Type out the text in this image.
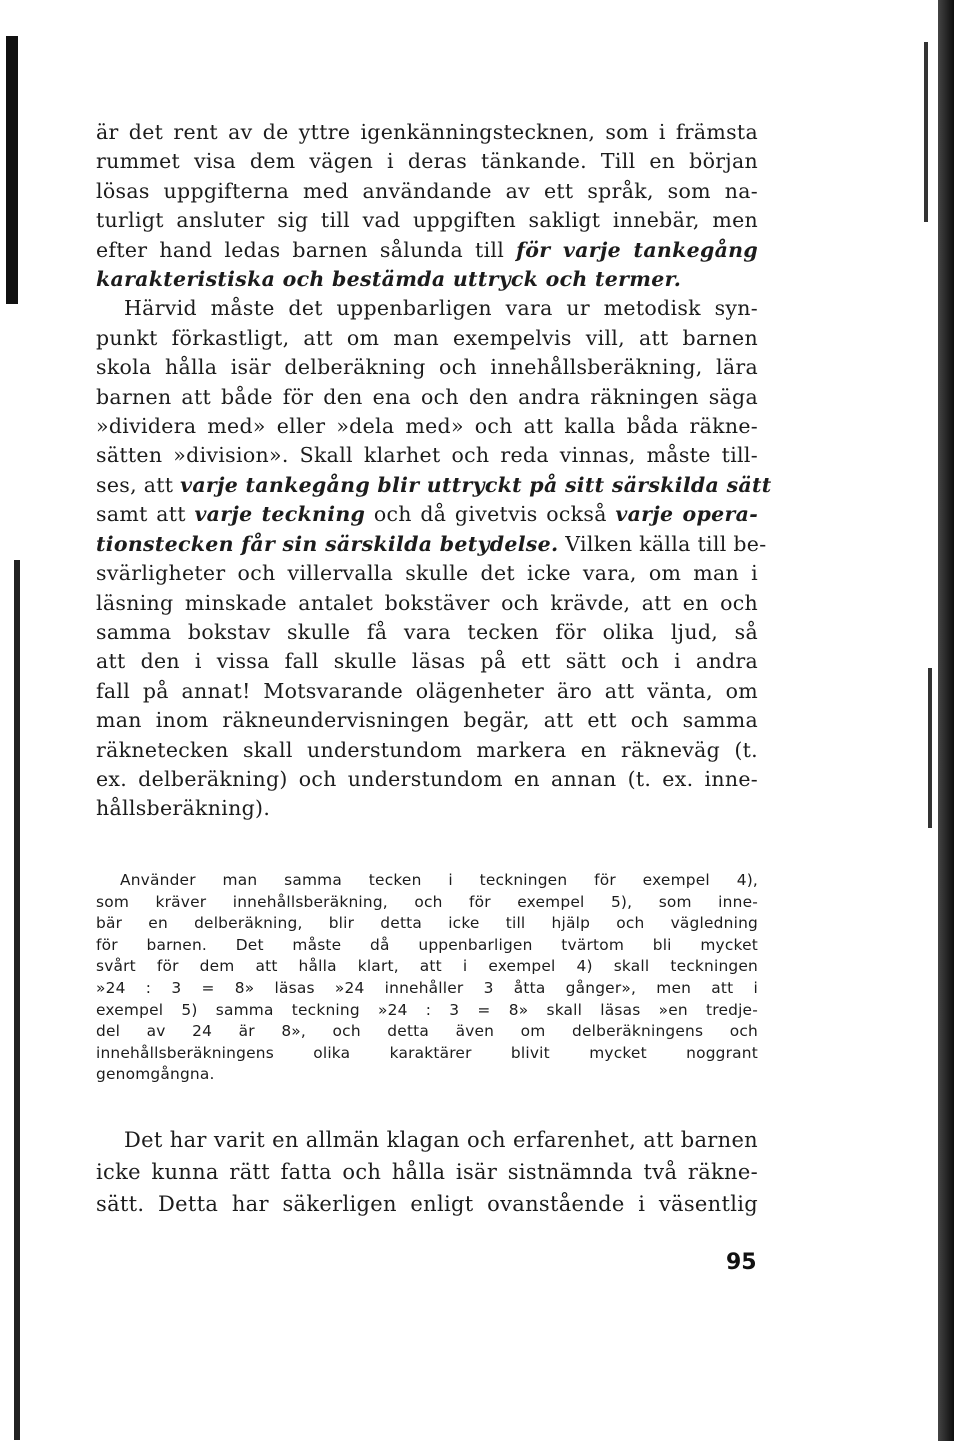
är det rent av de yttre igenkänningstecknen, som i främsta
rummet visa dem vägen i deras tänkande. Till en början
lösas uppgifterna med användande av ett språk, som na-
turligt ansluter sig till vad uppgiften sakligt innebär, men
efter hand ledas barnen sålunda till för varje tankegång
karakteristiska och bestämda uttryck och termer.
Härvid måste det uppenbarligen vara ur metodisk syn-
punkt förkastligt, att om man exempelvis vill, att barnen
skola hålla isär delberäkning och innehållsberäkning, lära
barnen att både för den ena och den andra räkningen säga
»dividera med» eller »dela med» och att kalla båda räkne-
sätten »division». Skall klarhet och reda vinnas, måste till-
ses, att varje tankegång blir uttryckt på sitt särskilda sätt
samt att varje teckning och då givetvis också varje opera-
tionstecken får sin särskilda betydelse. Vilken källa till be-
svärligheter och villervalla skulle det icke vara, om man i
läsning minskade antalet bokstäver och krävde, att en och
samma bokstav skulle få vara tecken för olika ljud, så
att den i vissa fall skulle läsas på ett sätt och i andra
fall på annat! Motsvarande olägenheter äro att vänta, om
man inom räkneundervisningen begär, att ett och samma
räknetecken skall understundom markera en räkneväg (t.
ex. delberäkning) och understundom en annan (t. ex. inne-
hållsberäkning).
Använder man samma tecken i teckningen för exempel 4),
som kräver innehållsberäkning, och för exempel 5), som inne-
bär en delberäkning, blir detta icke till hjälp och vägledning
för barnen. Det måste då uppenbarligen tvärtom bli mycket
svårt för dem att hålla klart, att i exempel 4) skall teckningen
»24 : 3 = 8» läsas »24 innehåller 3 åtta gånger», men att i
exempel 5) samma teckning »24 : 3 = 8» skall läsas »en tredje-
del av 24 är 8», och detta även om delberäkningens och
innehållsberäkningens olika karaktärer blivit mycket noggrant
genomgångna.
Det har varit en allmän klagan och erfarenhet, att barnen
icke kunna rätt fatta och hålla isär sistnämnda två räkne-
sätt. Detta har säkerligen enligt ovanstående i väsentlig
95
